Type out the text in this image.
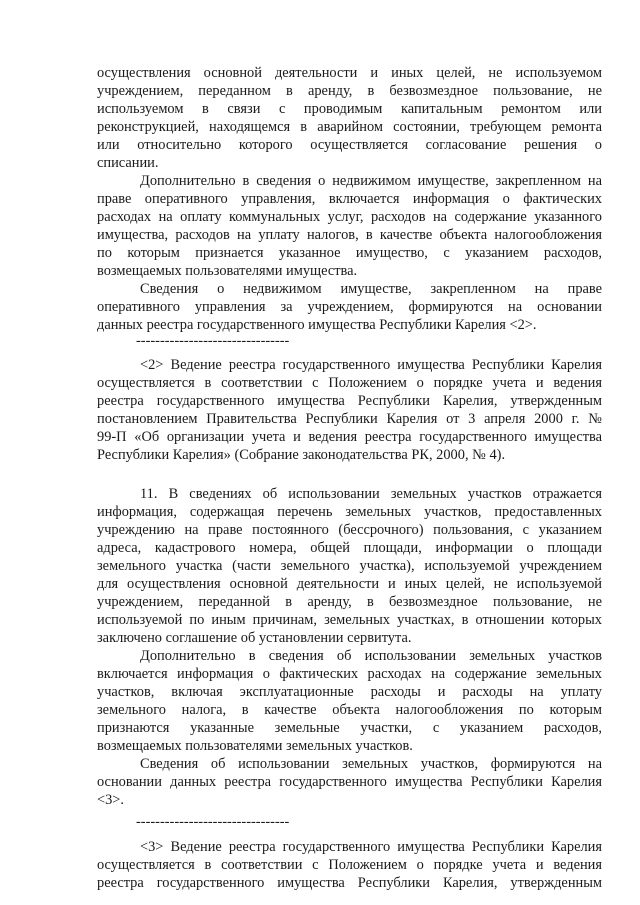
осуществления основной деятельности и иных целей, не используемом
учреждением, переданном в аренду, в безвозмездное пользование, не
используемом в связи с проводимым капитальным ремонтом или
реконструкцией, находящемся в аварийном состоянии, требующем ремонта
или относительно которого осуществляется согласование решения о
списании.
Дополнительно в сведения о недвижимом имуществе, закрепленном на
праве оперативного управления, включается информация о фактических
расходах на оплату коммунальных услуг, расходов на содержание указанного
имущества, расходов на уплату налогов, в качестве объекта налогообложения
по которым признается указанное имущество, с указанием расходов,
возмещаемых пользователями имущества.
Сведения о недвижимом имуществе, закрепленном на праве
оперативного управления за учреждением, формируются на основании
данных реестра государственного имущества Республики Карелия <2>.
--------------------------------
<2> Ведение реестра государственного имущества Республики Карелия
осуществляется в соответствии с Положением о порядке учета и ведения
реестра государственного имущества Республики Карелия, утвержденным
постановлением Правительства Республики Карелия от 3 апреля 2000 г. №
99-П «Об организации учета и ведения реестра государственного имущества
Республики Карелия» (Собрание законодательства РК, 2000, № 4).
11. В сведениях об использовании земельных участков отражается
информация, содержащая перечень земельных участков, предоставленных
учреждению на праве постоянного (бессрочного) пользования, с указанием
адреса, кадастрового номера, общей площади, информации о площади
земельного участка (части земельного участка), используемой учреждением
для осуществления основной деятельности и иных целей, не используемой
учреждением, переданной в аренду, в безвозмездное пользование, не
используемой по иным причинам, земельных участках, в отношении которых
заключено соглашение об установлении сервитута.
Дополнительно в сведения об использовании земельных участков
включается информация о фактических расходах на содержание земельных
участков, включая эксплуатационные расходы и расходы на уплату
земельного налога, в качестве объекта налогообложения по которым
признаются указанные земельные участки, с указанием расходов,
возмещаемых пользователями земельных участков.
Сведения об использовании земельных участков, формируются на
основании данных реестра государственного имущества Республики Карелия
<3>.
--------------------------------
<3> Ведение реестра государственного имущества Республики Карелия
осуществляется в соответствии с Положением о порядке учета и ведения
реестра государственного имущества Республики Карелия, утвержденным
